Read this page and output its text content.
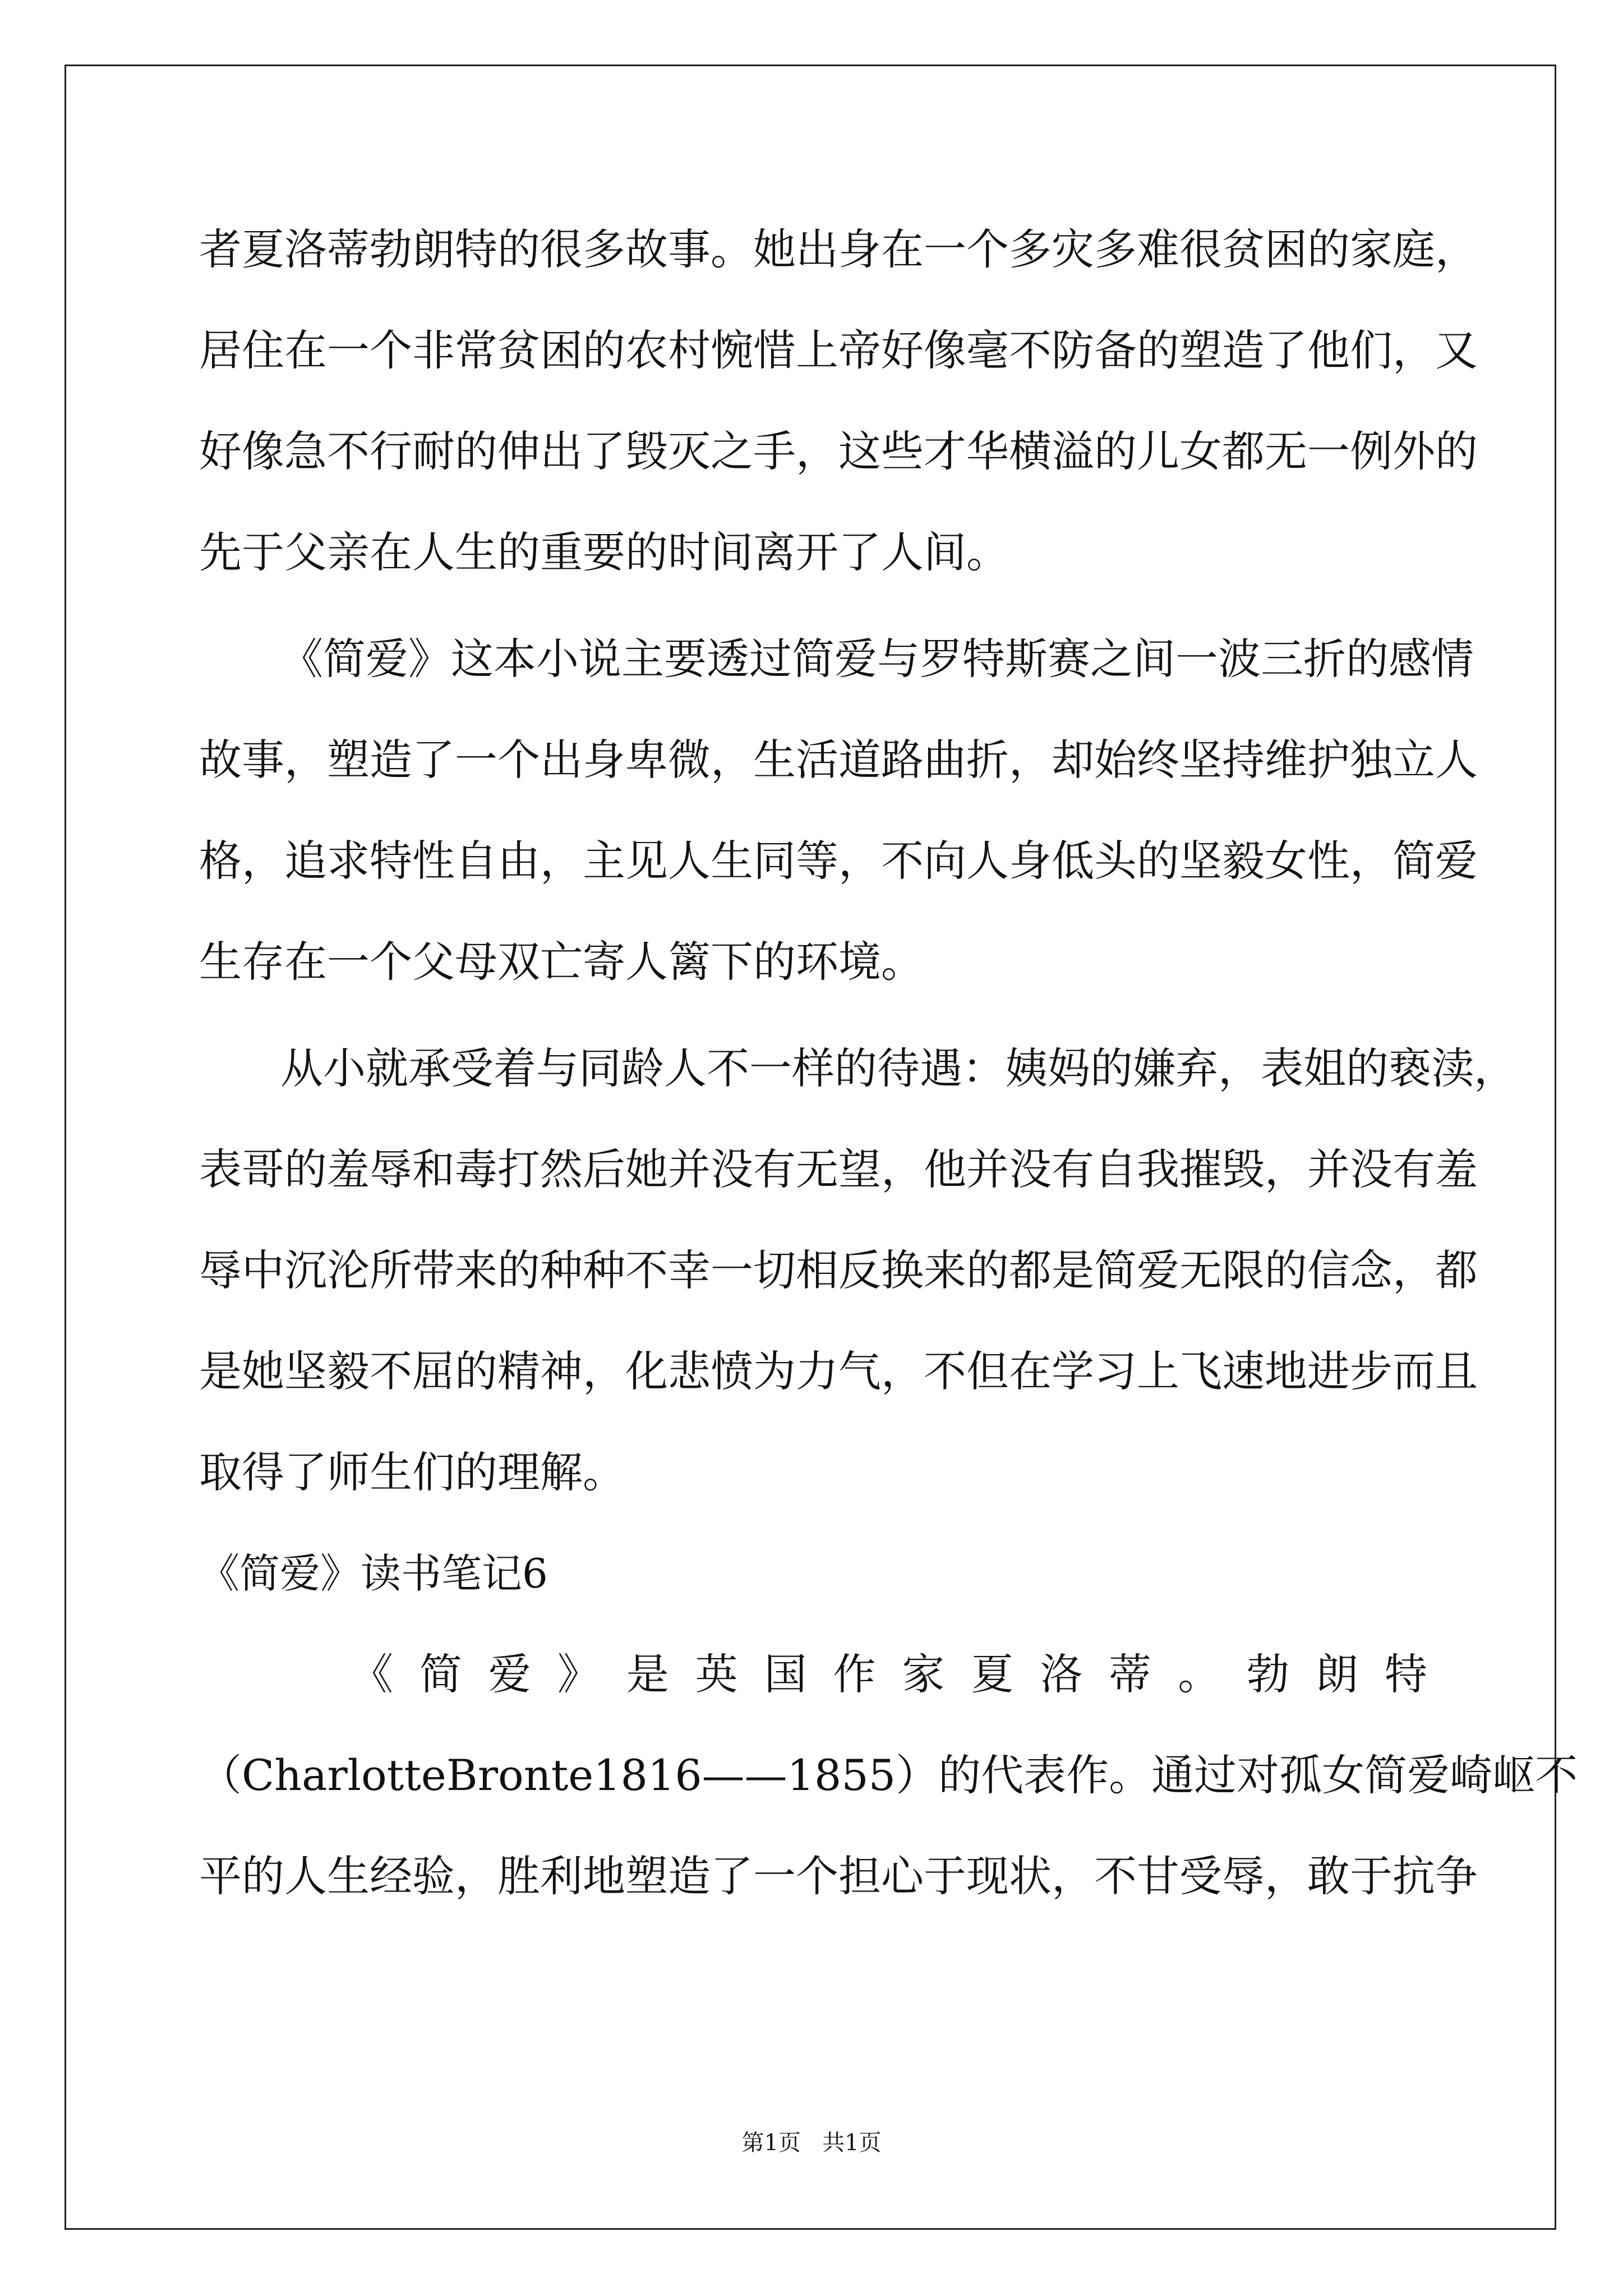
者夏洛蒂勃朗特的很多故事。她出身在一个多灾多难很贫困的家庭，
居住在一个非常贫困的农村惋惜上帝好像毫不防备的塑造了他们，又
好像急不行耐的伸出了毁灭之手，这些才华横溢的儿女都无一例外的
先于父亲在人生的重要的时间离开了人间。
《简爱》这本小说主要透过简爱与罗特斯赛之间一波三折的感情
故事，塑造了一个出身卑微，生活道路曲折，却始终坚持维护独立人
格，追求特性自由，主见人生同等，不向人身低头的坚毅女性，简爱
生存在一个父母双亡寄人篱下的环境。
从小就承受着与同龄人不一样的待遇：姨妈的嫌弃，表姐的亵渎，
表哥的羞辱和毒打然后她并没有无望，他并没有自我摧毁，并没有羞
辱中沉沦所带来的种种不幸一切相反换来的都是简爱无限的信念，都
是她坚毅不屈的精神，化悲愤为力气，不但在学习上飞速地进步而且
取得了师生们的理解。
《简爱》读书笔记6
《简爱》是英国作家夏洛蒂。勃朗特
（CharlotteBronte1816——1855）的代表作。通过对孤女简爱崎岖不
平的人生经验，胜利地塑造了一个担心于现状，不甘受辱，敢于抗争
第1页 共1页
